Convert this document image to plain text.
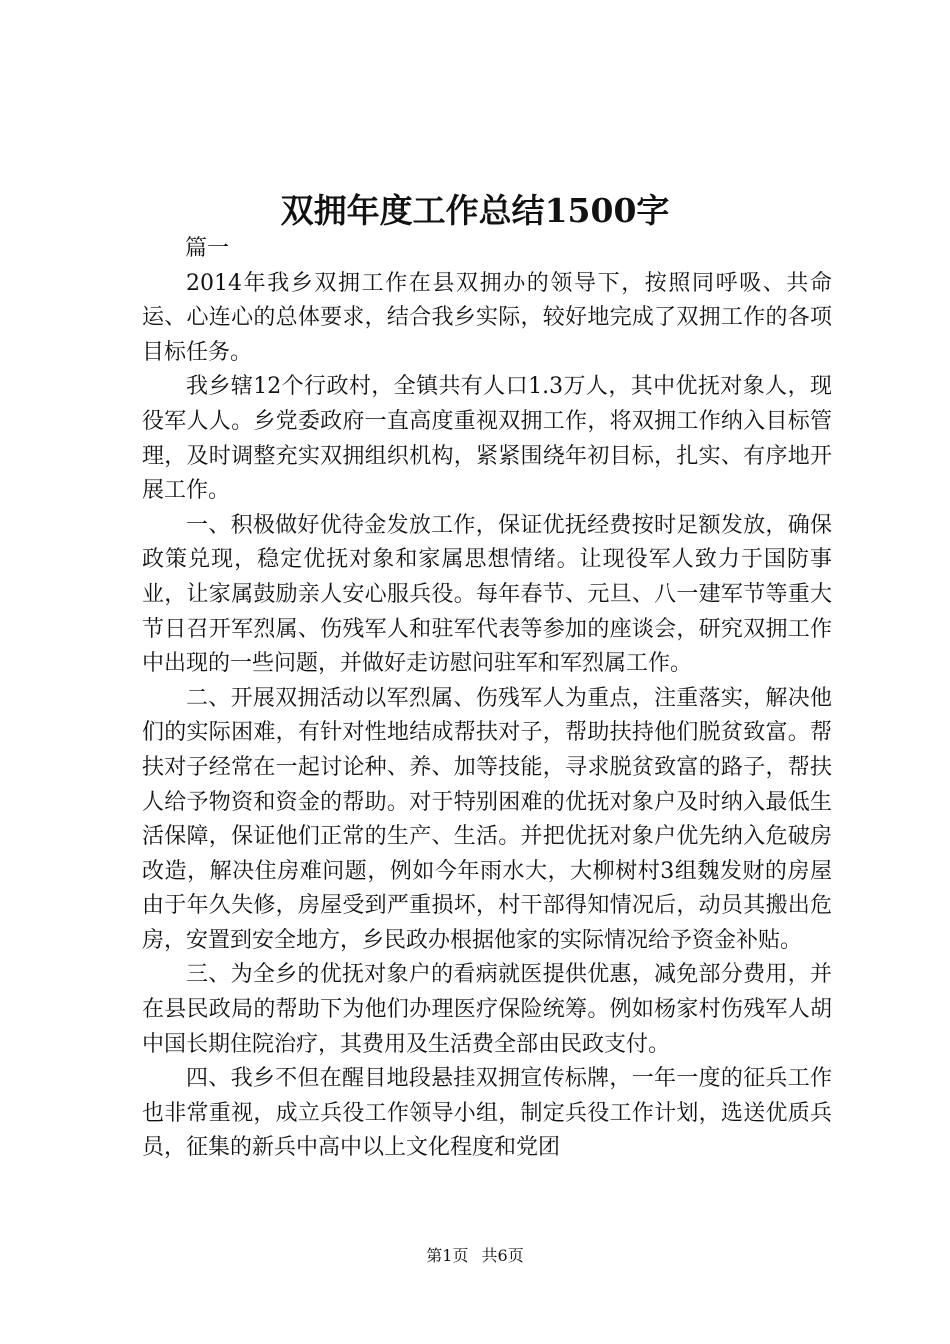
双拥年度工作总结1500字

篇一

2014年我乡双拥工作在县双拥办的领导下，按照同呼吸、共命运、心连心的总体要求，结合我乡实际，较好地完成了双拥工作的各项目标任务。

我乡辖12个行政村，全镇共有人口1.3万人，其中优抚对象人，现役军人人。乡党委政府一直高度重视双拥工作，将双拥工作纳入目标管理，及时调整充实双拥组织机构，紧紧围绕年初目标，扎实、有序地开展工作。

一、积极做好优待金发放工作，保证优抚经费按时足额发放，确保政策兑现，稳定优抚对象和家属思想情绪。让现役军人致力于国防事业，让家属鼓励亲人安心服兵役。每年春节、元旦、八一建军节等重大节日召开军烈属、伤残军人和驻军代表等参加的座谈会，研究双拥工作中出现的一些问题，并做好走访慰问驻军和军烈属工作。

二、开展双拥活动以军烈属、伤残军人为重点，注重落实，解决他们的实际困难，有针对性地结成帮扶对子，帮助扶持他们脱贫致富。帮扶对子经常在一起讨论种、养、加等技能，寻求脱贫致富的路子，帮扶人给予物资和资金的帮助。对于特别困难的优抚对象户及时纳入最低生活保障，保证他们正常的生产、生活。并把优抚对象户优先纳入危破房改造，解决住房难问题，例如今年雨水大，大柳树村3组魏发财的房屋由于年久失修，房屋受到严重损坏，村干部得知情况后，动员其搬出危房，安置到安全地方，乡民政办根据他家的实际情况给予资金补贴。

三、为全乡的优抚对象户的看病就医提供优惠，减免部分费用，并在县民政局的帮助下为他们办理医疗保险统筹。例如杨家村伤残军人胡中国长期住院治疗，其费用及生活费全部由民政支付。

四、我乡不但在醒目地段悬挂双拥宣传标牌，一年一度的征兵工作也非常重视，成立兵役工作领导小组，制定兵役工作计划，选送优质兵员，征集的新兵中高中以上文化程度和党团

第1页 共6页
